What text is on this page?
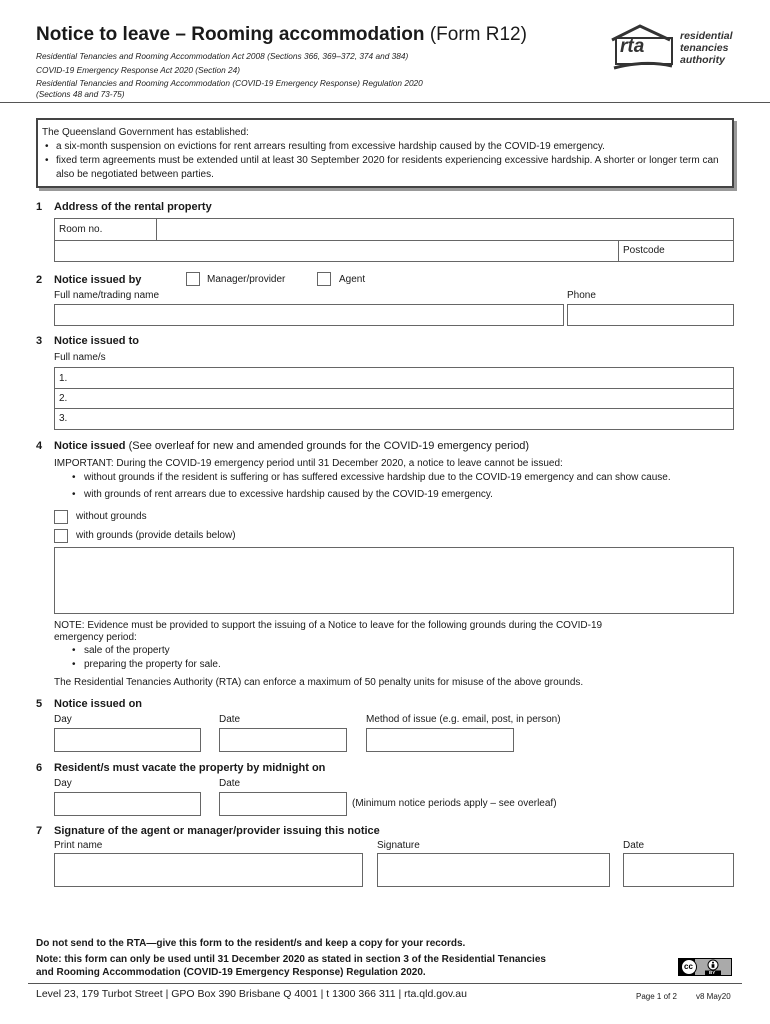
Notice to leave – Rooming accommodation (Form R12)
Residential Tenancies and Rooming Accommodation Act 2008 (Sections 366, 369–372, 374 and 384)
COVID-19 Emergency Response Act 2020 (Section 24)
Residential Tenancies and Rooming Accommodation (COVID-19 Emergency Response) Regulation 2020
(Sections 48 and 73-75)
rta	residential
tenancies
authority
The Queensland Government has established:
• a six-month suspension on evictions for rent arrears resulting from excessive hardship caused by the COVID-19 emergency.
• fixed term agreements must be extended until at least 30 September 2020 for residents experiencing excessive hardship. A shorter or longer term can also be negotiated between parties.
1 Address of the rental property
Room no.
Postcode
2 Notice issued by	Manager/provider	Agent
Full name/trading name	Phone
3 Notice issued to
Full name/s
1.
2.
3.
4 Notice issued (See overleaf for new and amended grounds for the COVID-19 emergency period)
IMPORTANT: During the COVID-19 emergency period until 31 December 2020, a notice to leave cannot be issued:
• without grounds if the resident is suffering or has suffered excessive hardship due to the COVID-19 emergency and can show cause.
• with grounds of rent arrears due to excessive hardship caused by the COVID-19 emergency.
without grounds
with grounds (provide details below)
NOTE: Evidence must be provided to support the issuing of a Notice to leave for the following grounds during the COVID-19
emergency period:
• sale of the property
• preparing the property for sale.
The Residential Tenancies Authority (RTA) can enforce a maximum of 50 penalty units for misuse of the above grounds.
5 Notice issued on
Day	Date	Method of issue (e.g. email, post, in person)
6 Resident/s must vacate the property by midnight on
Day	Date
(Minimum notice periods apply – see overleaf)
7 Signature of the agent or manager/provider issuing this notice
Print name	Signature	Date
Do not send to the RTA—give this form to the resident/s and keep a copy for your records.
Note: this form can only be used until 31 December 2020 as stated in section 3 of the Residential Tenancies
and Rooming Accommodation (COVID-19 Emergency Response) Regulation 2020.
cc
BY
Level 23, 179 Turbot Street | GPO Box 390 Brisbane Q 4001 | t 1300 366 311 | rta.qld.gov.au	Page 1 of 2 v8 May20
